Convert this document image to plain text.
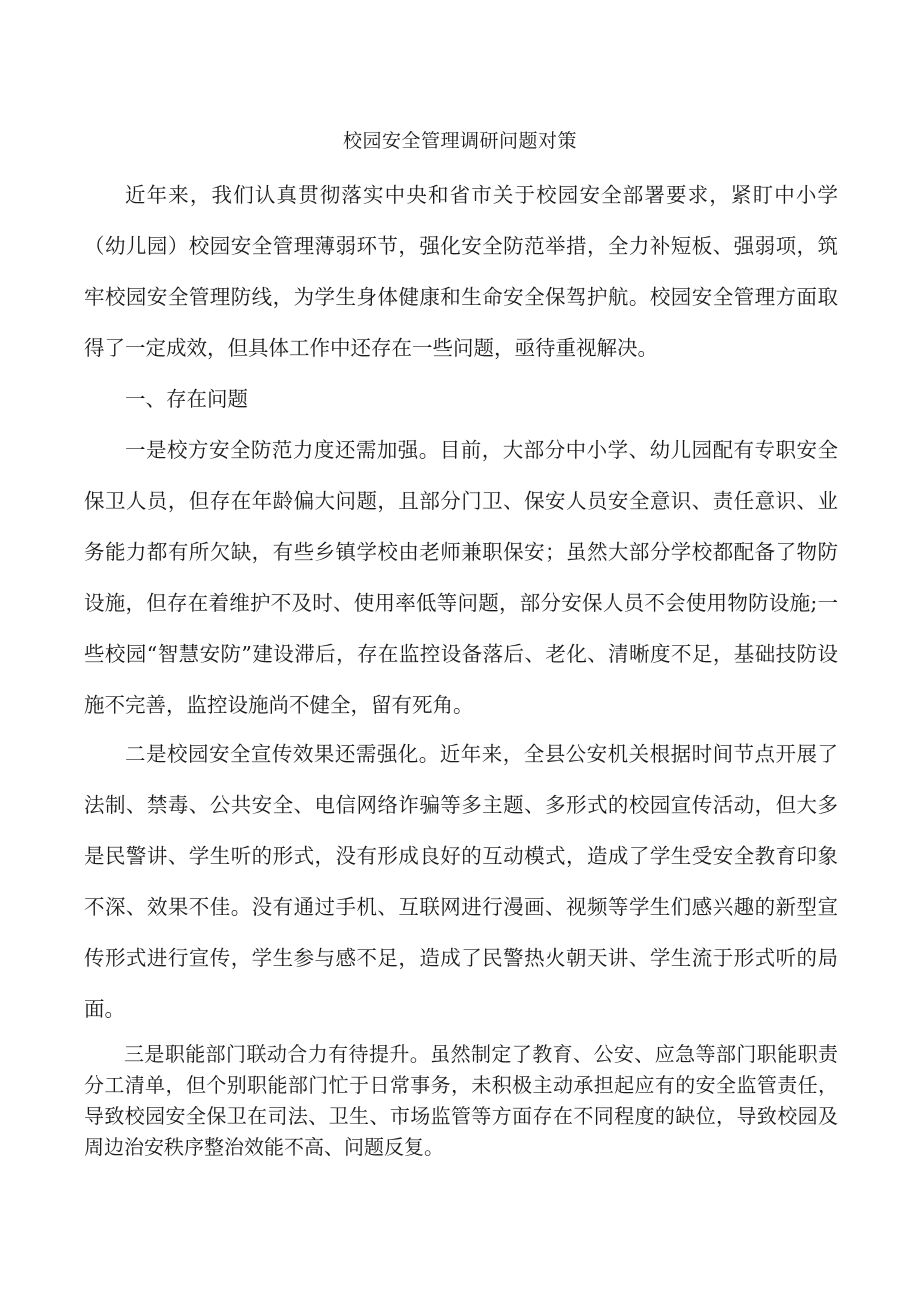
校园安全管理调研问题对策

近年来，我们认真贯彻落实中央和省市关于校园安全部署要求，紧盯中小学（幼儿园）校园安全管理薄弱环节，强化安全防范举措，全力补短板、强弱项，筑牢校园安全管理防线，为学生身体健康和生命安全保驾护航。校园安全管理方面取得了一定成效，但具体工作中还存在一些问题，亟待重视解决。

一、存在问题

一是校方安全防范力度还需加强。目前，大部分中小学、幼儿园配有专职安全保卫人员，但存在年龄偏大问题，且部分门卫、保安人员安全意识、责任意识、业务能力都有所欠缺，有些乡镇学校由老师兼职保安；虽然大部分学校都配备了物防设施，但存在着维护不及时、使用率低等问题，部分安保人员不会使用物防设施;一些校园“智慧安防”建设滞后，存在监控设备落后、老化、清晰度不足，基础技防设施不完善，监控设施尚不健全，留有死角。

二是校园安全宣传效果还需强化。近年来，全县公安机关根据时间节点开展了法制、禁毒、公共安全、电信网络诈骗等多主题、多形式的校园宣传活动，但大多是民警讲、学生听的形式，没有形成良好的互动模式，造成了学生受安全教育印象不深、效果不佳。没有通过手机、互联网进行漫画、视频等学生们感兴趣的新型宣传形式进行宣传，学生参与感不足，造成了民警热火朝天讲、学生流于形式听的局面。

三是职能部门联动合力有待提升。虽然制定了教育、公安、应急等部门职能职责分工清单，但个别职能部门忙于日常事务，未积极主动承担起应有的安全监管责任，导致校园安全保卫在司法、卫生、市场监管等方面存在不同程度的缺位，导致校园及周边治安秩序整治效能不高、问题反复。
